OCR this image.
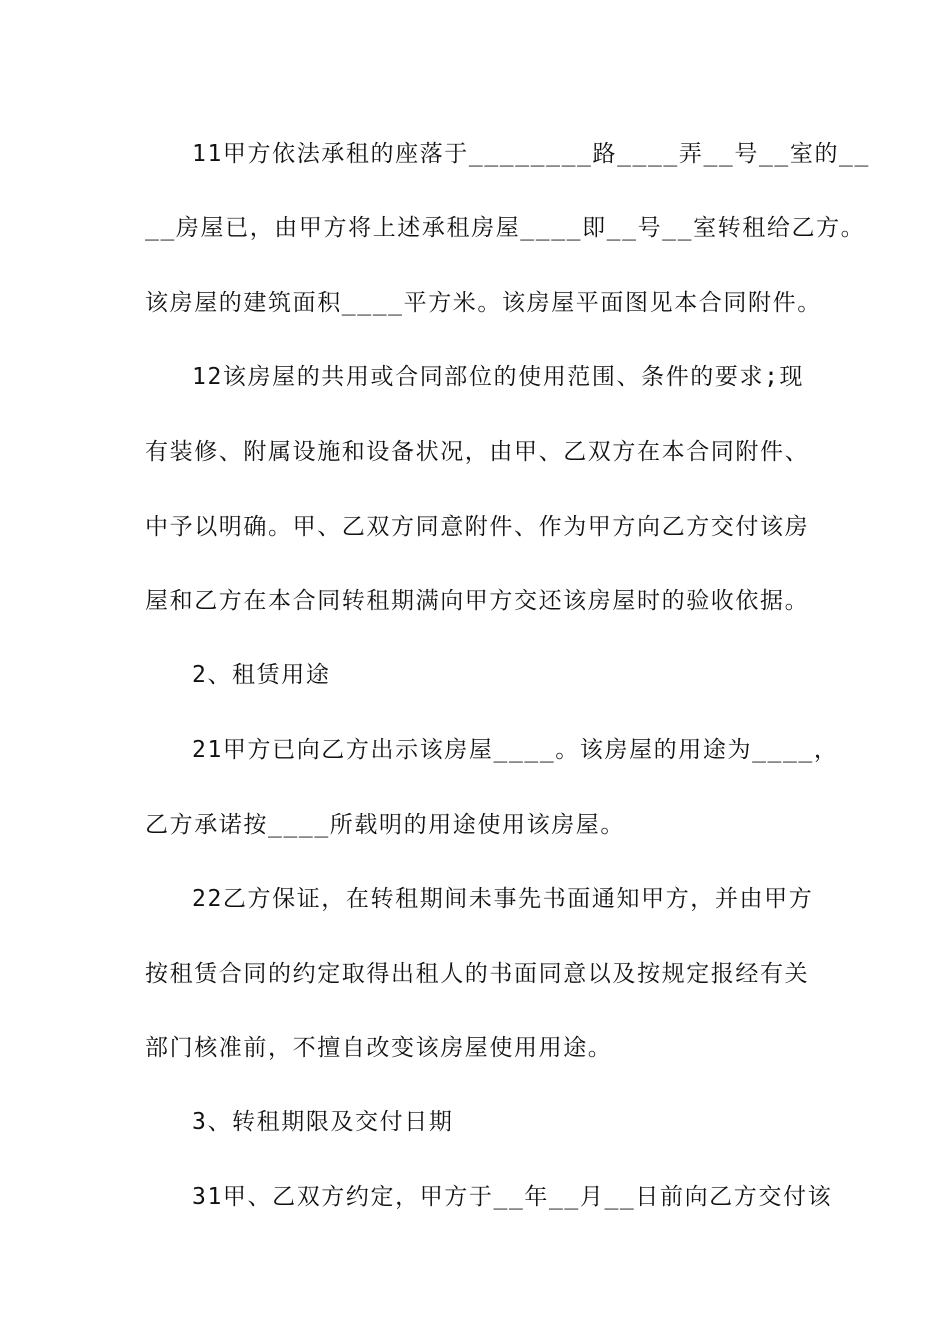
11甲方依法承租的座落于________路____弄__号__室的__
__房屋已，由甲方将上述承租房屋____即__号__室转租给乙方。
该房屋的建筑面积____平方米。该房屋平面图见本合同附件。
12该房屋的共用或合同部位的使用范围、条件的要求;现
有装修、附属设施和设备状况，由甲、乙双方在本合同附件、
中予以明确。甲、乙双方同意附件、作为甲方向乙方交付该房
屋和乙方在本合同转租期满向甲方交还该房屋时的验收依据。
2、租赁用途
21甲方已向乙方出示该房屋____。该房屋的用途为____，
乙方承诺按____所载明的用途使用该房屋。
22乙方保证，在转租期间未事先书面通知甲方，并由甲方
按租赁合同的约定取得出租人的书面同意以及按规定报经有关
部门核准前，不擅自改变该房屋使用用途。
3、转租期限及交付日期
31甲、乙双方约定，甲方于__年__月__日前向乙方交付该
